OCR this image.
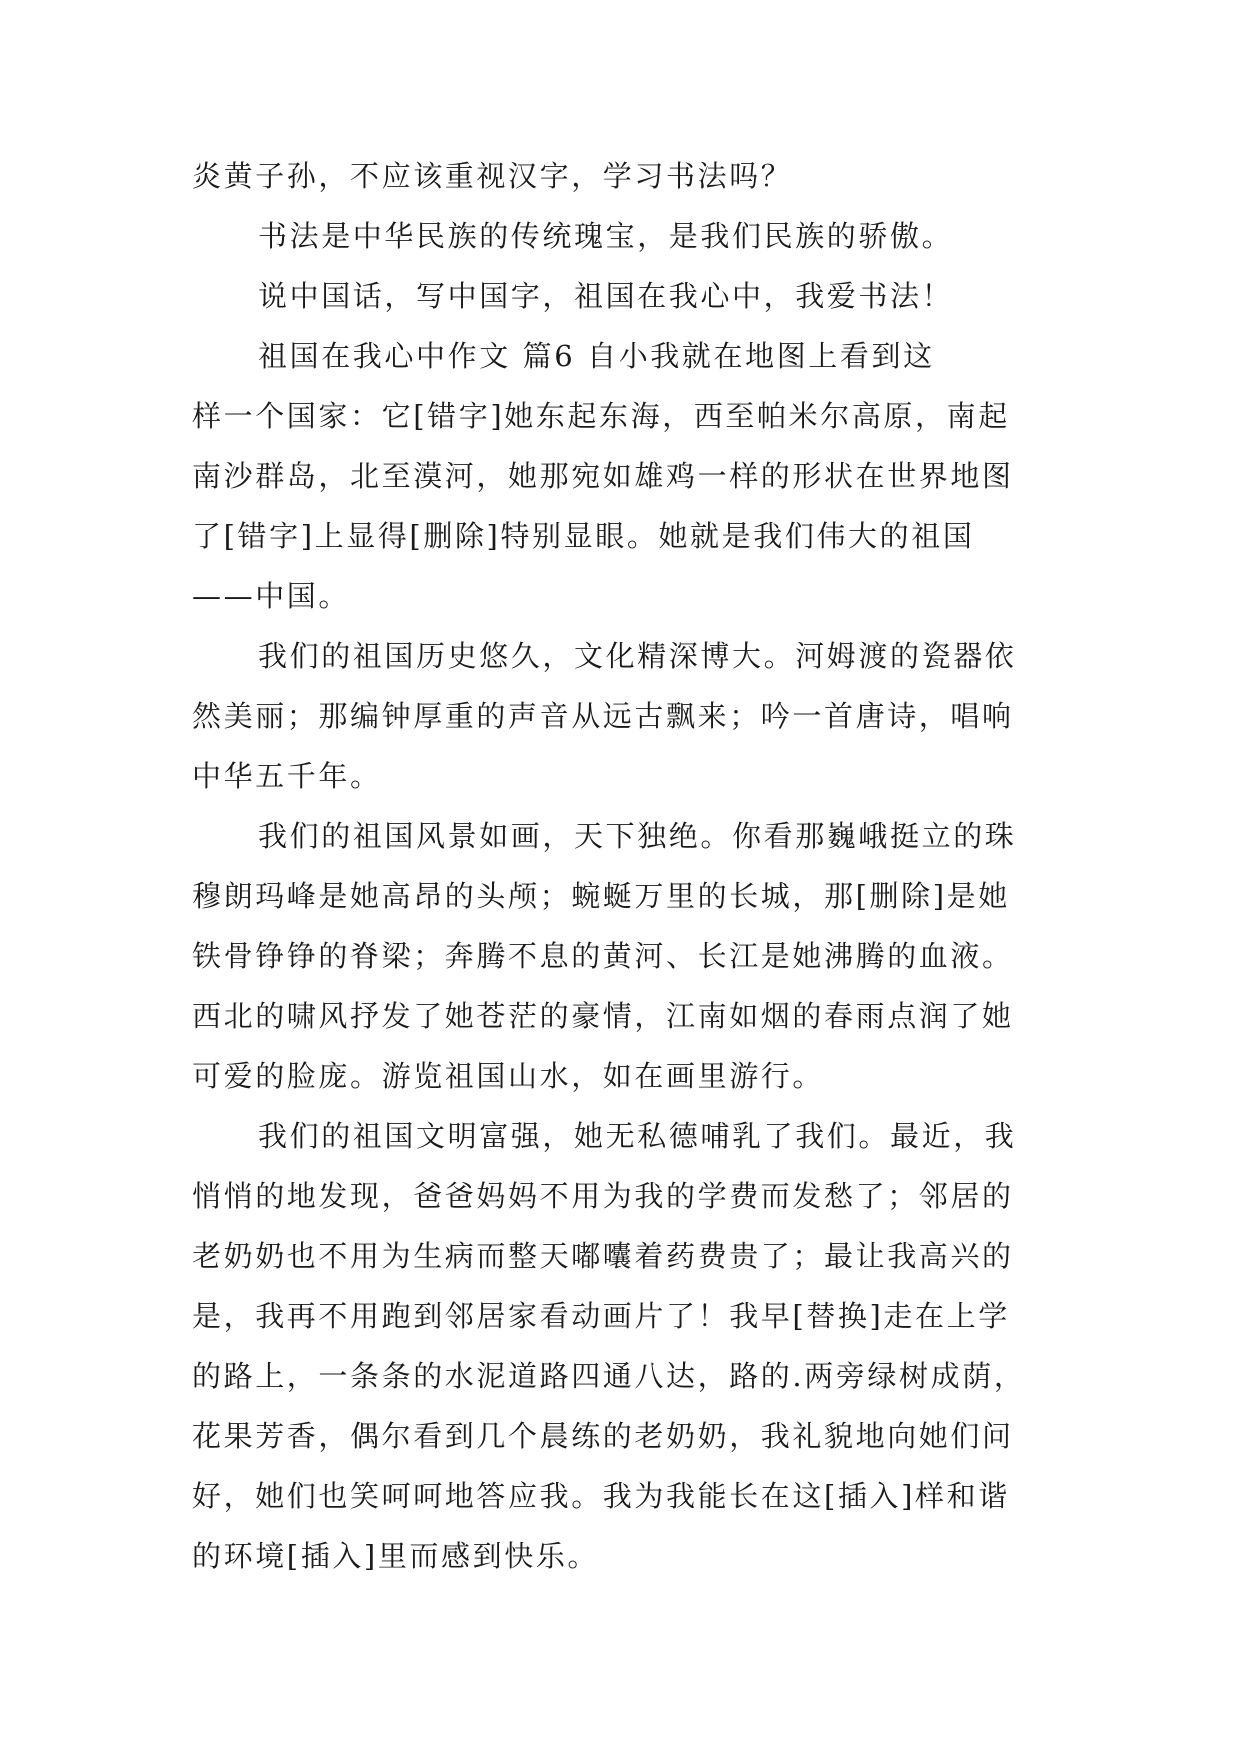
炎黄子孙，不应该重视汉字，学习书法吗？
书法是中华民族的传统瑰宝，是我们民族的骄傲。
说中国话，写中国字，祖国在我心中，我爱书法！
祖国在我心中作文 篇6 自小我就在地图上看到这
样一个国家：它[错字]她东起东海，西至帕米尔高原，南起
南沙群岛，北至漠河，她那宛如雄鸡一样的形状在世界地图
了[错字]上显得[删除]特别显眼。她就是我们伟大的祖国
——中国。
我们的祖国历史悠久，文化精深博大。河姆渡的瓷器依
然美丽；那编钟厚重的声音从远古飘来；吟一首唐诗，唱响
中华五千年。
我们的祖国风景如画，天下独绝。你看那巍峨挺立的珠
穆朗玛峰是她高昂的头颅；蜿蜒万里的长城，那[删除]是她
铁骨铮铮的脊梁；奔腾不息的黄河、长江是她沸腾的血液。
西北的啸风抒发了她苍茫的豪情，江南如烟的春雨点润了她
可爱的脸庞。游览祖国山水，如在画里游行。
我们的祖国文明富强，她无私德哺乳了我们。最近，我
悄悄的地发现，爸爸妈妈不用为我的学费而发愁了；邻居的
老奶奶也不用为生病而整天嘟囔着药费贵了；最让我高兴的
是，我再不用跑到邻居家看动画片了！我早[替换]走在上学
的路上，一条条的水泥道路四通八达，路的.两旁绿树成荫，
花果芳香，偶尔看到几个晨练的老奶奶，我礼貌地向她们问
好，她们也笑呵呵地答应我。我为我能长在这[插入]样和谐
的环境[插入]里而感到快乐。
